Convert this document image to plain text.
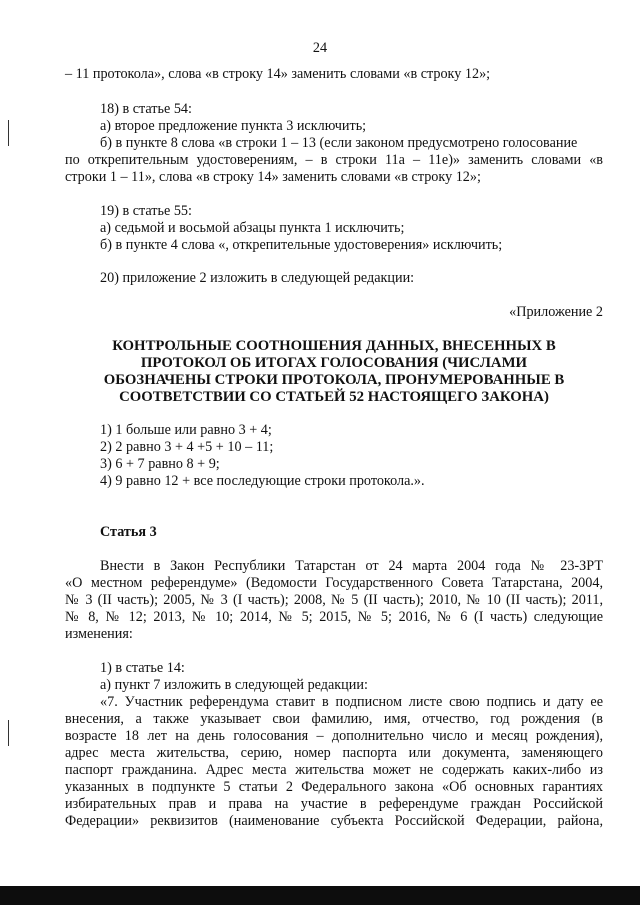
24
– 11 протокола», слова «в строку 14» заменить словами «в строку 12»;
18) в статье 54:
а) второе предложение пункта 3 исключить;
б) в пункте 8 слова «в строки 1 – 13 (если законом предусмотрено голосование
по открепительным удостоверениям, – в строки 11а – 11е)» заменить словами «в
строки 1 – 11», слова «в строку 14» заменить словами «в строку 12»;
19) в статье 55:
а) седьмой и восьмой абзацы пункта 1 исключить;
б) в пункте 4 слова «, открепительные удостоверения» исключить;
20) приложение 2 изложить в следующей редакции:
«Приложение 2
КОНТРОЛЬНЫЕ СООТНОШЕНИЯ ДАННЫХ, ВНЕСЕННЫХ В
ПРОТОКОЛ ОБ ИТОГАХ ГОЛОСОВАНИЯ (ЧИСЛАМИ
ОБОЗНАЧЕНЫ СТРОКИ ПРОТОКОЛА, ПРОНУМЕРОВАННЫЕ В
СООТВЕТСТВИИ СО СТАТЬЕЙ 52 НАСТОЯЩЕГО ЗАКОНА)
1) 1 больше или равно 3 + 4;
2) 2 равно 3 + 4 +5 + 10 – 11;
3) 6 + 7 равно 8 + 9;
4) 9 равно 12 + все последующие строки протокола.».
Статья 3
Внести в Закон Республики Татарстан от 24 марта 2004 года № 23-ЗРТ
«О местном референдуме» (Ведомости Государственного Совета Татарстана, 2004,
№ 3 (II часть); 2005, № 3 (I часть); 2008, № 5 (II часть); 2010, № 10 (II часть); 2011,
№ 8, № 12; 2013, № 10; 2014, № 5; 2015, № 5; 2016, № 6 (I часть) следующие
изменения:
1) в статье 14:
а) пункт 7 изложить в следующей редакции:
«7. Участник референдума ставит в подписном листе свою подпись и дату ее
внесения, а также указывает свои фамилию, имя, отчество, год рождения (в
возрасте 18 лет на день голосования – дополнительно число и месяц рождения),
адрес места жительства, серию, номер паспорта или документа, заменяющего
паспорт гражданина. Адрес места жительства может не содержать каких-либо из
указанных в подпункте 5 статьи 2 Федерального закона «Об основных гарантиях
избирательных прав и права на участие в референдуме граждан Российской
Федерации» реквизитов (наименование субъекта Российской Федерации, района,
